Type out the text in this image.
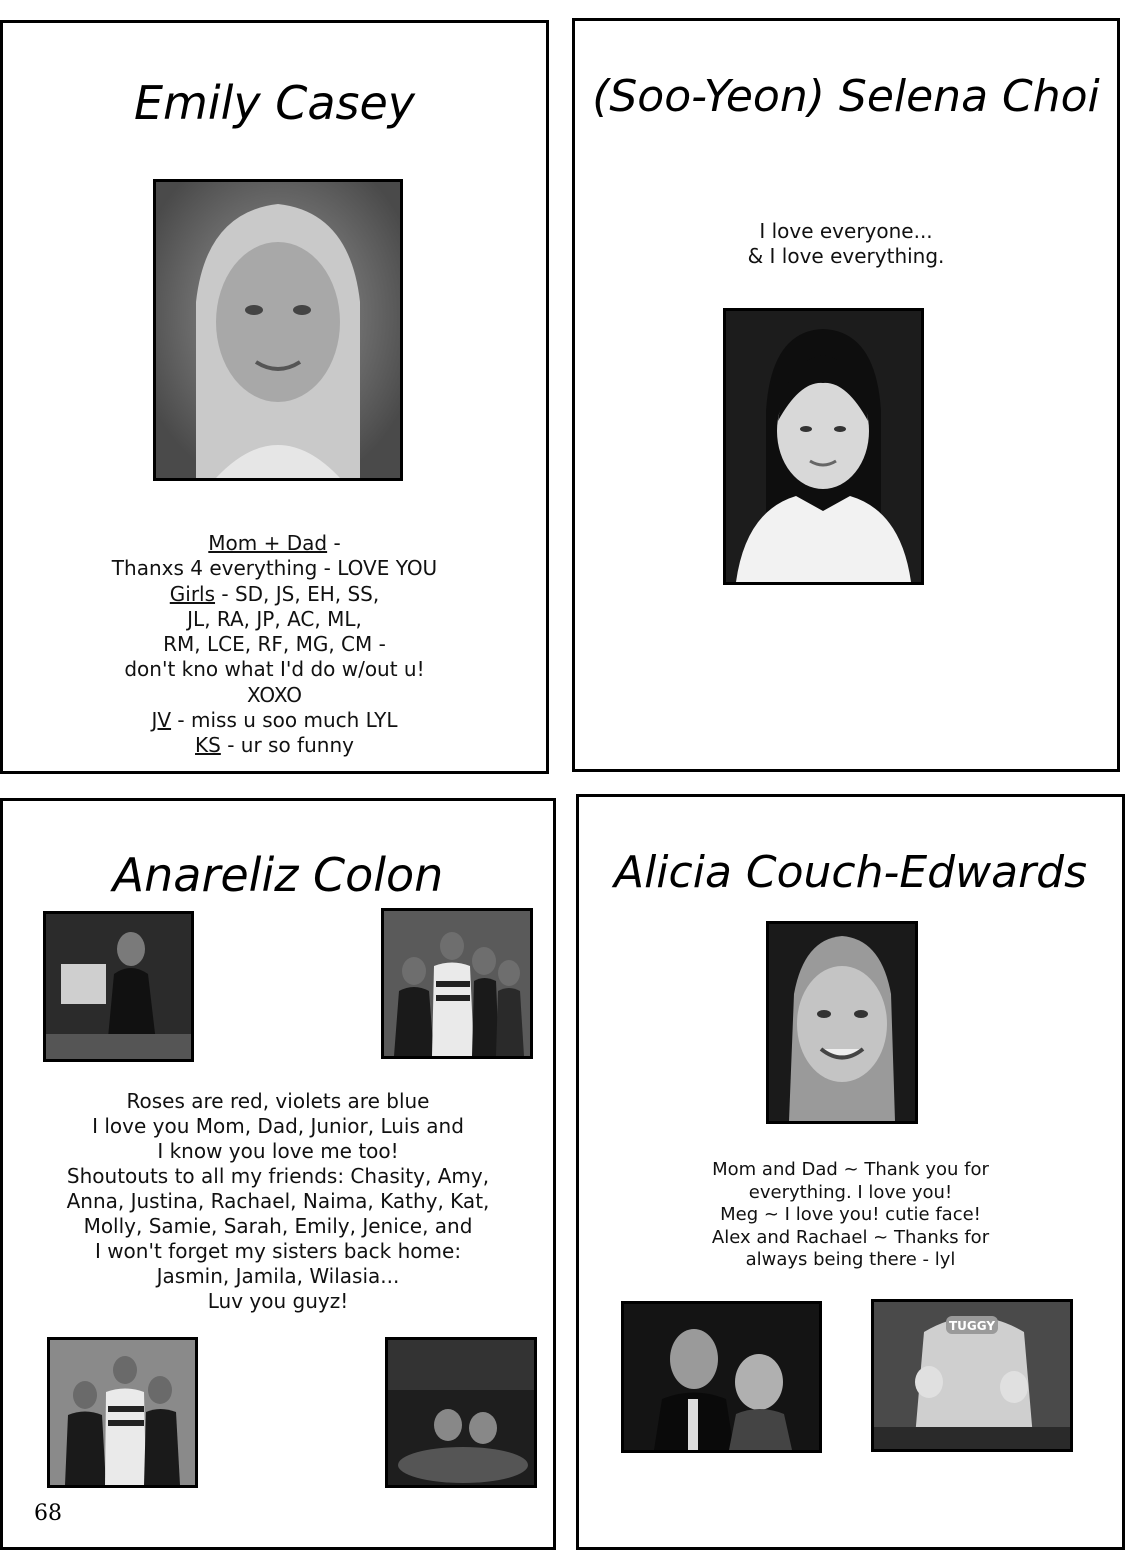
Emily Casey
Mom + Dad -
Thanxs 4 everything - LOVE YOU
Girls - SD, JS, EH, SS,
JL, RA, JP, AC, ML,
RM, LCE, RF, MG, CM -
don't kno what I'd do w/out u!
XOXO
JV - miss u soo much LYL
KS - ur so funny
(Soo-Yeon) Selena Choi
I love everyone...
& I love everything.
Anareliz Colon
Roses are red, violets are blue
I love you Mom, Dad, Junior, Luis and
I know you love me too!
Shoutouts to all my friends: Chasity, Amy,
Anna, Justina, Rachael, Naima, Kathy, Kat,
Molly, Samie, Sarah, Emily, Jenice, and
I won't forget my sisters back home:
Jasmin, Jamila, Wilasia...
Luv you guyz!
68
Alicia Couch-Edwards
Mom and Dad ~ Thank you for
everything. I love you!
Meg ~ I love you! cutie face!
Alex and Rachael ~ Thanks for
always being there - lyl
TUGGY
